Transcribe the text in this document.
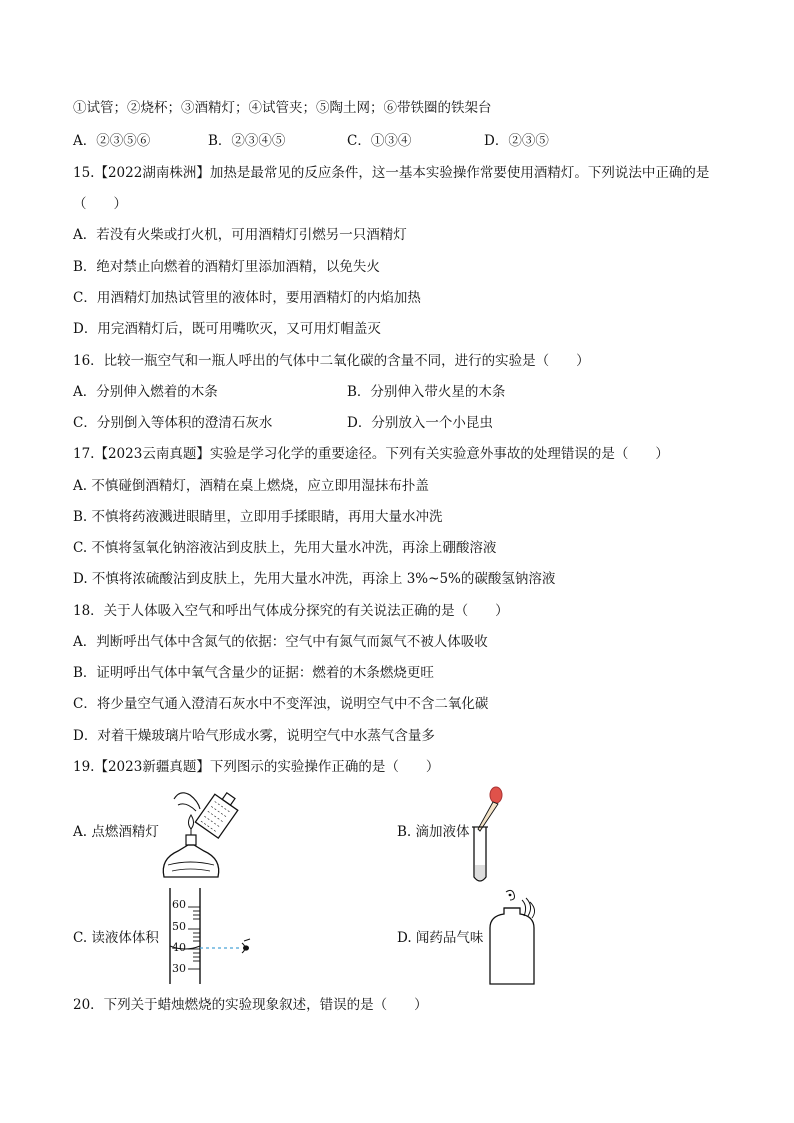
①试管；②烧杯；③酒精灯；④试管夹；⑤陶土网；⑥带铁圈的铁架台
A．②③⑤⑥	B．②③④⑤	C．①③④	D．②③⑤
15.【2022湖南株洲】加热是最常见的反应条件，这一基本实验操作常要使用酒精灯。下列说法中正确的是
（　　）
A．若没有火柴或打火机，可用酒精灯引燃另一只酒精灯
B．绝对禁止向燃着的酒精灯里添加酒精，以免失火
C．用酒精灯加热试管里的液体时，要用酒精灯的内焰加热
D．用完酒精灯后，既可用嘴吹灭，又可用灯帽盖灭
16．比较一瓶空气和一瓶人呼出的气体中二氧化碳的含量不同，进行的实验是（　　）
A．分别伸入燃着的木条	B．分别伸入带火星的木条
C．分别倒入等体积的澄清石灰水	D．分别放入一个小昆虫
17.【2023云南真题】实验是学习化学的重要途径。下列有关实验意外事故的处理错误的是（　　）
A. 不慎碰倒酒精灯，酒精在桌上燃烧，应立即用湿抹布扑盖
B. 不慎将药液溅进眼睛里，立即用手揉眼睛，再用大量水冲洗
C. 不慎将氢氧化钠溶液沾到皮肤上，先用大量水冲洗，再涂上硼酸溶液
D. 不慎将浓硫酸沾到皮肤上，先用大量水冲洗，再涂上 3%~5%的碳酸氢钠溶液
18．关于人体吸入空气和呼出气体成分探究的有关说法正确的是（　　）
A．判断呼出气体中含氮气的依据：空气中有氮气而氮气不被人体吸收
B．证明呼出气体中氧气含量少的证据：燃着的木条燃烧更旺
C．将少量空气通入澄清石灰水中不变浑浊，说明空气中不含二氧化碳
D．对着干燥玻璃片哈气形成水雾，说明空气中水蒸气含量多
19.【2023新疆真题】下列图示的实验操作正确的是（　　）
A. 点燃酒精灯	B. 滴加液体
C. 读液体体积
60
50
40
30
D. 闻药品气味
20．下列关于蜡烛燃烧的实验现象叙述，错误的是（　　）
